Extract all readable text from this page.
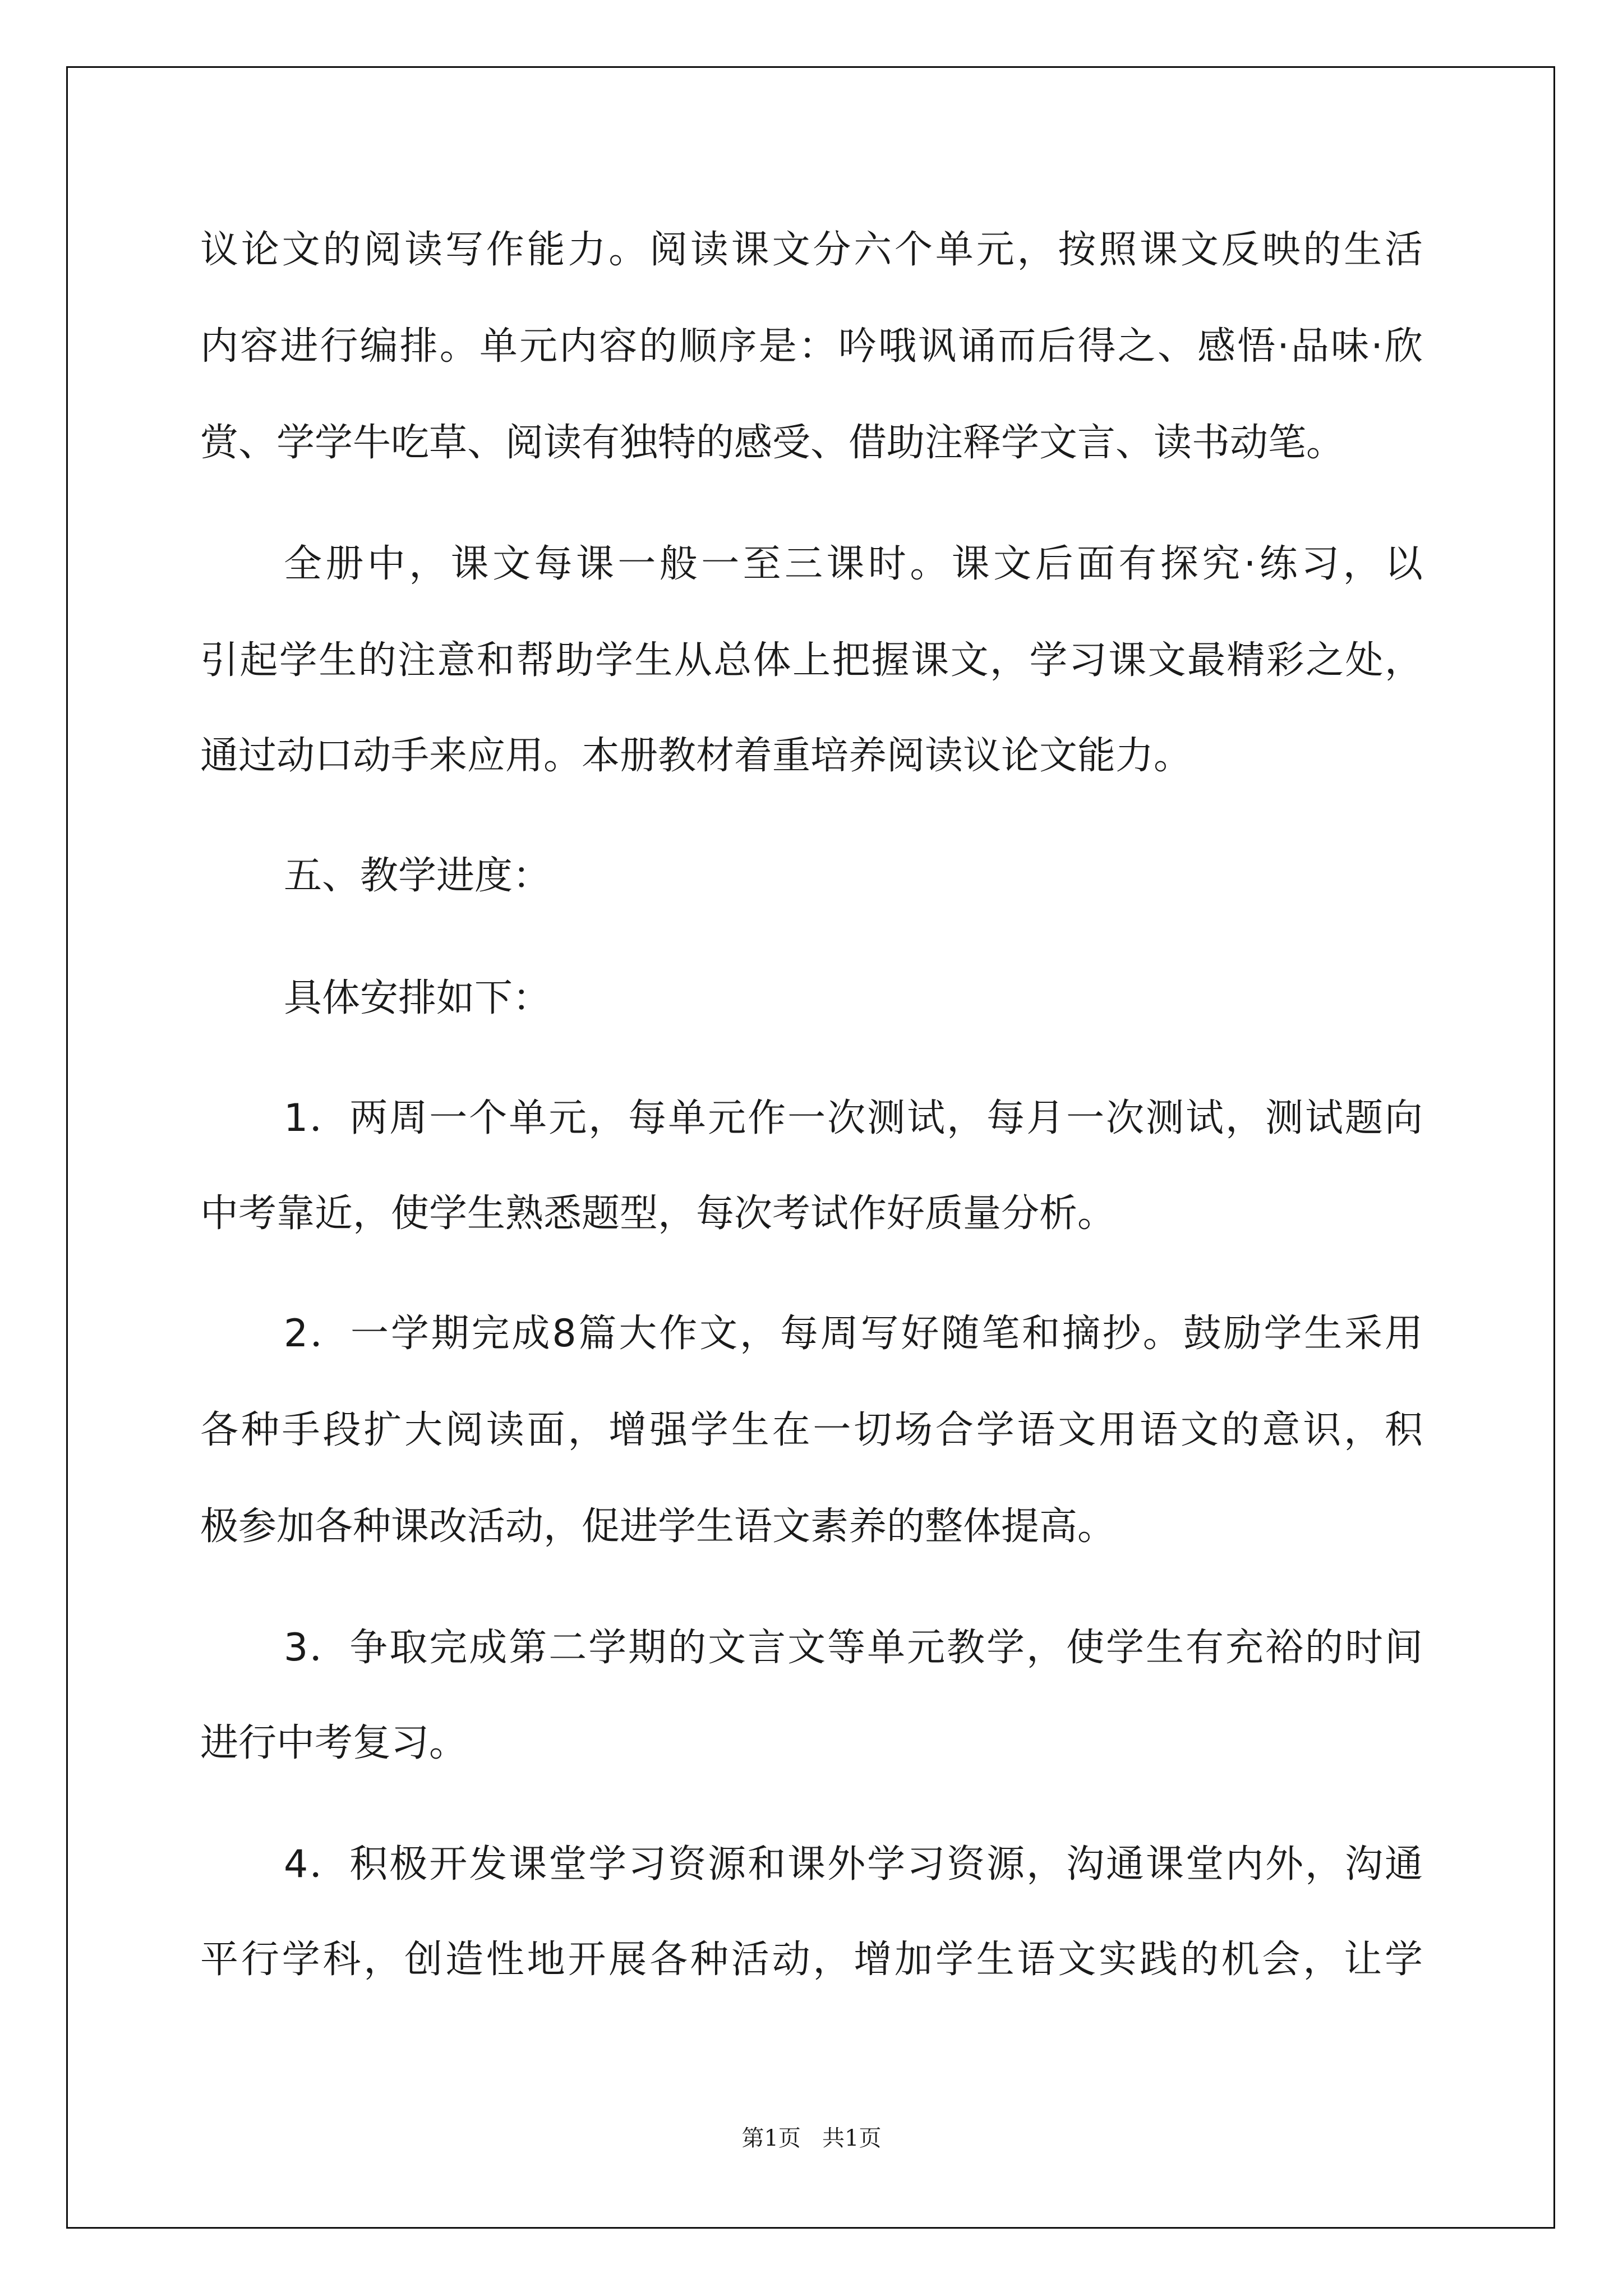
议论文的阅读写作能力。阅读课文分六个单元，按照课文反映的生活
内容进行编排。单元内容的顺序是：吟哦讽诵而后得之、感悟·品味·欣
赏、学学牛吃草、阅读有独特的感受、借助注释学文言、读书动笔。
全册中，课文每课一般一至三课时。课文后面有探究·练习，以
引起学生的注意和帮助学生从总体上把握课文，学习课文最精彩之处，
通过动口动手来应用。本册教材着重培养阅读议论文能力。
五、教学进度：
具体安排如下：
1．两周一个单元，每单元作一次测试，每月一次测试，测试题向
中考靠近，使学生熟悉题型，每次考试作好质量分析。
2．一学期完成8篇大作文，每周写好随笔和摘抄。鼓励学生采用
各种手段扩大阅读面，增强学生在一切场合学语文用语文的意识，积
极参加各种课改活动，促进学生语文素养的整体提高。
3．争取完成第二学期的文言文等单元教学，使学生有充裕的时间
进行中考复习。
4．积极开发课堂学习资源和课外学习资源，沟通课堂内外，沟通
平行学科，创造性地开展各种活动，增加学生语文实践的机会，让学
第1页   共1页
